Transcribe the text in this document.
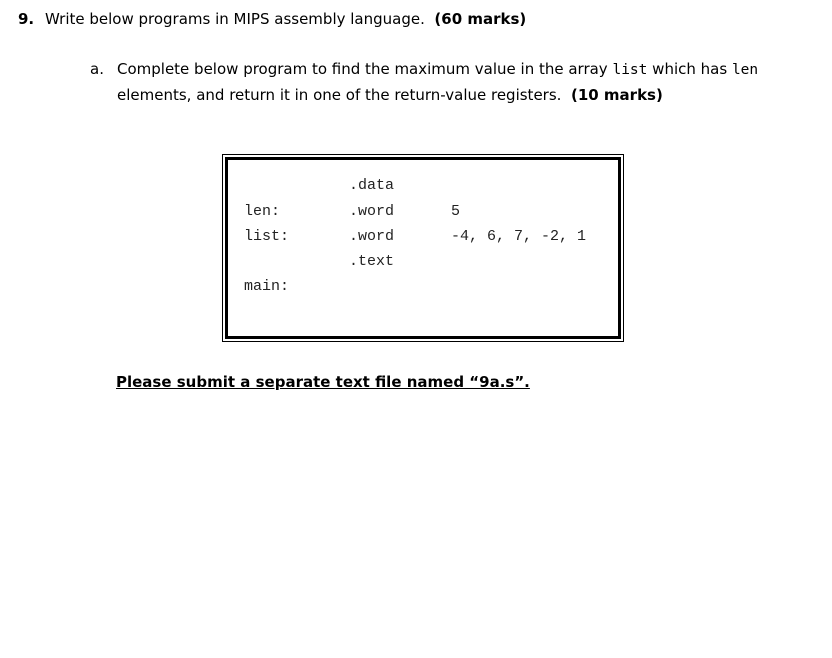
9. Write below programs in MIPS assembly language. (60 marks)
a. Complete below program to find the maximum value in the array list which has len elements, and return it in one of the return-value registers. (10 marks)
.data
len:	.word	5
list:	.word	-4, 6, 7, -2, 1
.text
main:
Please submit a separate text file named “9a.s”.
